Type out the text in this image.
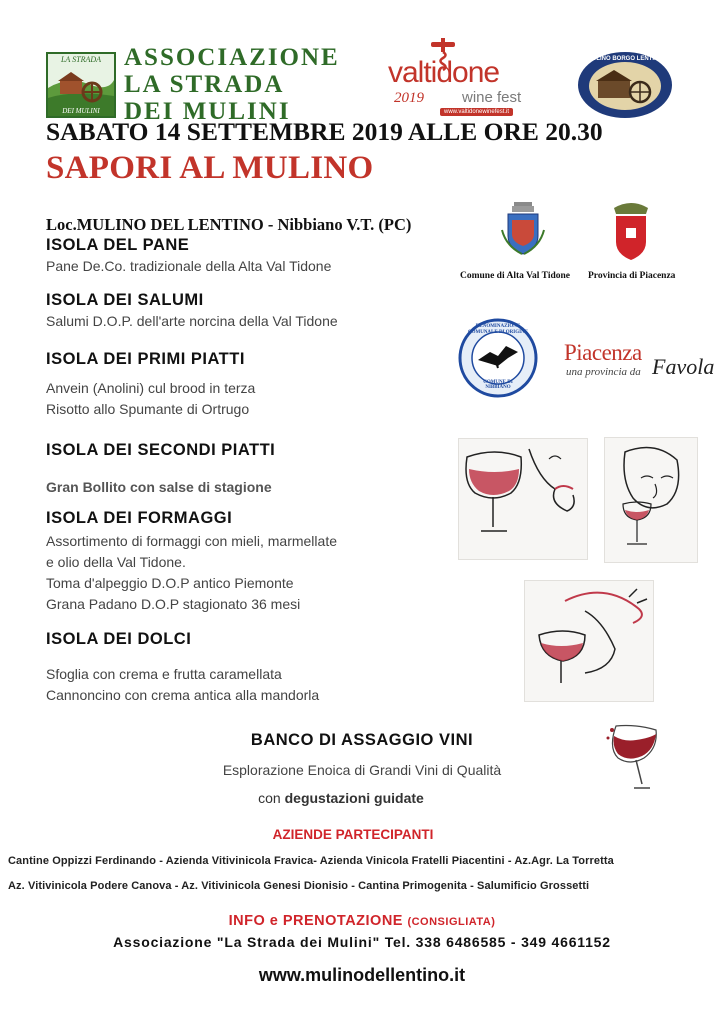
LA STRADA
DEI MULINI
ASSOCIAZIONE
LA STRADA
DEI MULINI
valtidone
2019	wine fest
www.valtidonewinefest.it
MULINO BORGO LENTINO
SABATO 14 SETTEMBRE 2019 ALLE ORE 20.30
SAPORI AL MULINO
Loc.MULINO DEL LENTINO - Nibbiano V.T. (PC)
ISOLA DEL PANE
Pane De.Co. tradizionale della Alta Val Tidone
ISOLA DEI SALUMI
Salumi D.O.P. dell'arte norcina della Val Tidone
ISOLA DEI PRIMI PIATTI
Anvein (Anolini) cul brood in terza
Risotto allo Spumante di Ortrugo
ISOLA DEI SECONDI PIATTI
Gran Bollito con salse di stagione
ISOLA DEI FORMAGGI
Assortimento di formaggi con mieli, marmellate
e olio della Val Tidone.
Toma d'alpeggio D.O.P antico Piemonte
Grana Padano D.O.P stagionato 36 mesi
ISOLA DEI DOLCI
Sfoglia con crema e frutta caramellata
Cannoncino con crema antica alla mandorla
Comune di Alta Val Tidone Provincia di Piacenza
DENOMINAZIONE COMUNALE DI ORIGINE
COMUNE DI NIBBIANO
Piacenza
una provincia da Favola
BANCO DI ASSAGGIO VINI
Esplorazione Enoica di Grandi Vini di Qualità
con degustazioni guidate
AZIENDE PARTECIPANTI
Cantine Oppizzi Ferdinando - Azienda Vitivinicola Fravica- Azienda Vinicola Fratelli Piacentini - Az.Agr. La Torretta
Az. Vitivinicola Podere Canova - Az. Vitivinicola Genesi Dionisio - Cantina Primogenita - Salumificio Grossetti
INFO e PRENOTAZIONE (CONSIGLIATA)
Associazione "La Strada dei Mulini" Tel. 338 6486585 - 349 4661152
www.mulinodellentino.it
